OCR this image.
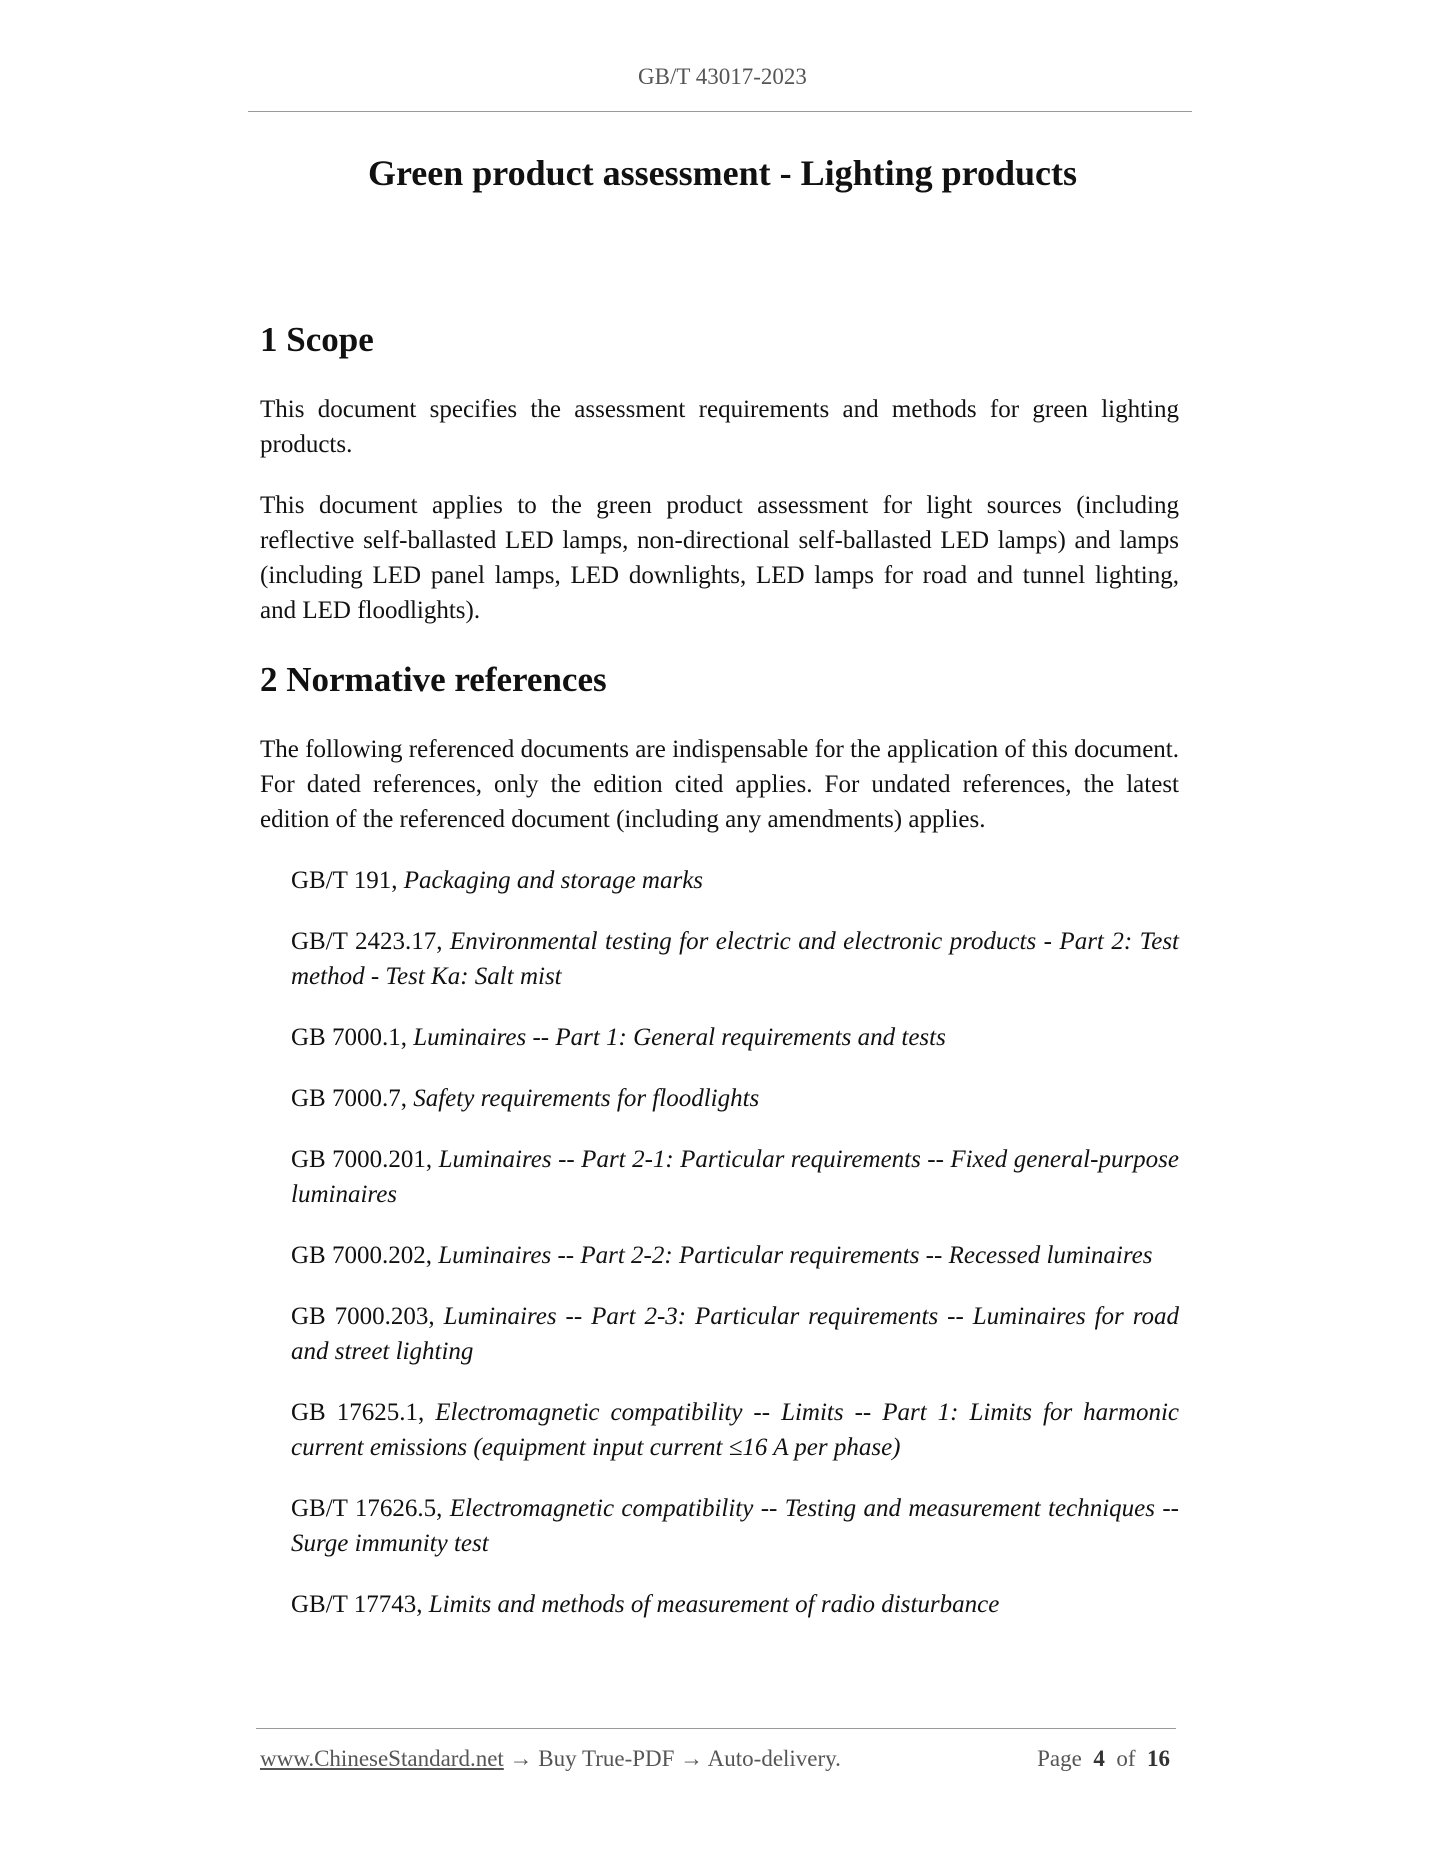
GB/T 43017-2023
Green product assessment - Lighting products
1 Scope

This document specifies the assessment requirements and methods for green lighting products.

This document applies to the green product assessment for light sources (including reflective self-ballasted LED lamps, non-directional self-ballasted LED lamps) and lamps (including LED panel lamps, LED downlights, LED lamps for road and tunnel lighting, and LED floodlights).

2 Normative references

The following referenced documents are indispensable for the application of this document. For dated references, only the edition cited applies. For undated references, the latest edition of the referenced document (including any amendments) applies.

GB/T 191, Packaging and storage marks
GB/T 2423.17, Environmental testing for electric and electronic products - Part 2: Test method - Test Ka: Salt mist
GB 7000.1, Luminaires -- Part 1: General requirements and tests
GB 7000.7, Safety requirements for floodlights
GB 7000.201, Luminaires -- Part 2-1: Particular requirements -- Fixed general-purpose luminaires
GB 7000.202, Luminaires -- Part 2-2: Particular requirements -- Recessed luminaires
GB 7000.203, Luminaires -- Part 2-3: Particular requirements -- Luminaires for road and street lighting
GB 17625.1, Electromagnetic compatibility -- Limits -- Part 1: Limits for harmonic current emissions (equipment input current ≤16 A per phase)
GB/T 17626.5, Electromagnetic compatibility -- Testing and measurement techniques -- Surge immunity test
GB/T 17743, Limits and methods of measurement of radio disturbance
www.ChineseStandard.net → Buy True-PDF → Auto-delivery.	Page 4 of 16
